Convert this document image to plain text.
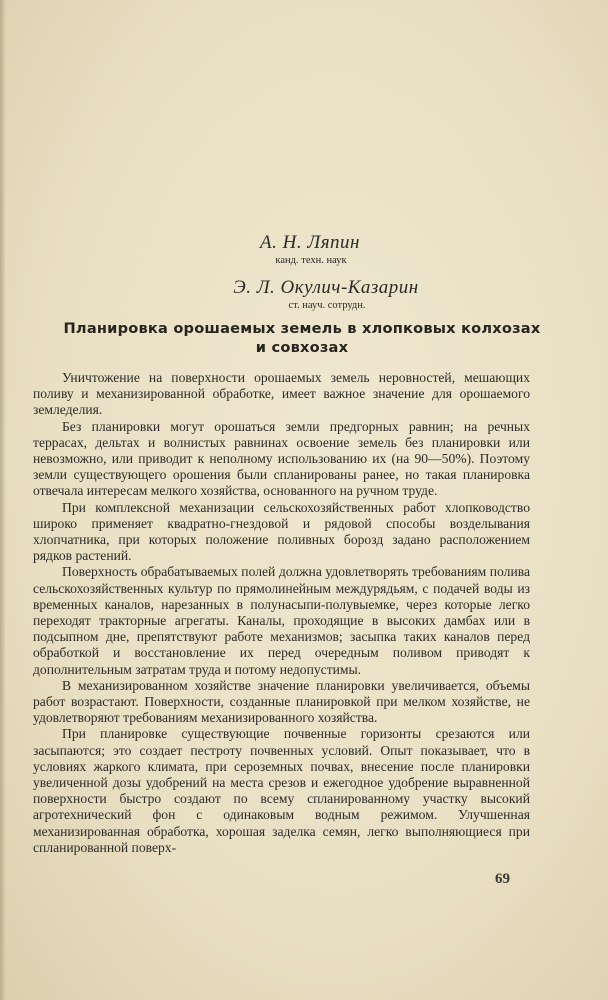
А. Н. Ляпин
канд. техн. наук
Э. Л. Окулич-Казарин
ст. науч. сотрудн.
Планировка орошаемых земель в хлопковых колхозах
и совхозах

Уничтожение на поверхности орошаемых земель неровностей, мешающих поливу и механизированной обработке, имеет важное значение для орошаемого земледелия.

Без планировки могут орошаться земли предгорных равнин; на речных террасах, дельтах и волнистых равнинах освоение земель без планировки или невозможно, или приводит к неполному использованию их (на 90—50%). Поэтому земли существующего орошения были спланированы ранее, но такая планировка отвечала интересам мелкого хозяйства, основанного на ручном труде.

При комплексной механизации сельскохозяйственных работ хлопководство широко применяет квадратно-гнездовой и рядовой способы возделывания хлопчатника, при которых положение поливных борозд задано расположением рядков растений.

Поверхность обрабатываемых полей должна удовлетворять требованиям полива сельскохозяйственных культур по прямолинейным междурядьям, с подачей воды из временных каналов, нарезанных в полунасыпи-полувыемке, через которые легко переходят тракторные агрегаты. Каналы, проходящие в высоких дамбах или в подсыпном дне, препятствуют работе механизмов; засыпка таких каналов перед обработкой и восстановление их перед очередным поливом приводят к дополнительным затратам труда и потому недопустимы.

В механизированном хозяйстве значение планировки увеличивается, объемы работ возрастают. Поверхности, созданные планировкой при мелком хозяйстве, не удовлетворяют требованиям механизированного хозяйства.

При планировке существующие почвенные горизонты срезаются или засыпаются; это создает пестроту почвенных условий. Опыт показывает, что в условиях жаркого климата, при сероземных почвах, внесение после планировки увеличенной дозы удобрений на места срезов и ежегодное удобрение выравненной поверхности быстро создают по всему спланированному участку высокий агротехнический фон с одинаковым водным режимом. Улучшенная механизированная обработка, хорошая заделка семян, легко выполняющиеся при спланированной поверх-

69
